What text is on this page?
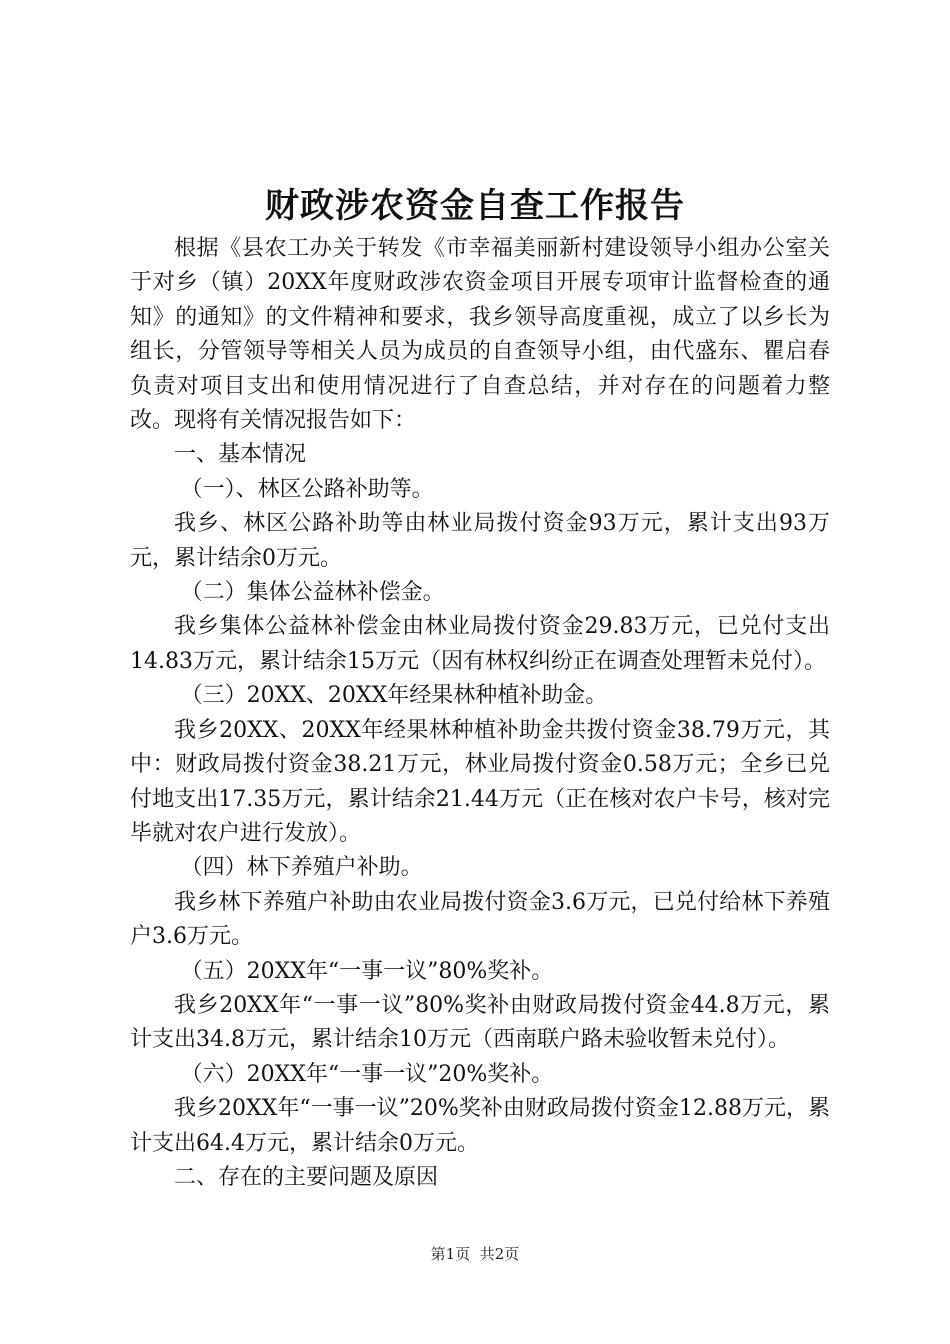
财政涉农资金自查工作报告

根据《县农工办关于转发《市幸福美丽新村建设领导小组办公室关于对乡（镇）20XX年度财政涉农资金项目开展专项审计监督检查的通知》的通知》的文件精神和要求，我乡领导高度重视，成立了以乡长为组长，分管领导等相关人员为成员的自查领导小组，由代盛东、瞿启春负责对项目支出和使用情况进行了自查总结，并对存在的问题着力整改。现将有关情况报告如下：

一、基本情况

（一）、林区公路补助等。

我乡、林区公路补助等由林业局拨付资金93万元，累计支出93万元，累计结余0万元。

（二）集体公益林补偿金。

我乡集体公益林补偿金由林业局拨付资金29.83万元，已兑付支出14.83万元，累计结余15万元（因有林权纠纷正在调查处理暂未兑付）。

（三）20XX、20XX年经果林种植补助金。

我乡20XX、20XX年经果林种植补助金共拨付资金38.79万元，其中：财政局拨付资金38.21万元，林业局拨付资金0.58万元；全乡已兑付地支出17.35万元，累计结余21.44万元（正在核对农户卡号，核对完毕就对农户进行发放）。

（四）林下养殖户补助。

我乡林下养殖户补助由农业局拨付资金3.6万元，已兑付给林下养殖户3.6万元。

（五）20XX年“一事一议”80%奖补。

我乡20XX年“一事一议”80%奖补由财政局拨付资金44.8万元，累计支出34.8万元，累计结余10万元（西南联户路未验收暂未兑付）。

（六）20XX年“一事一议”20%奖补。

我乡20XX年“一事一议”20%奖补由财政局拨付资金12.88万元，累计支出64.4万元，累计结余0万元。

二、存在的主要问题及原因

第1页 共2页
